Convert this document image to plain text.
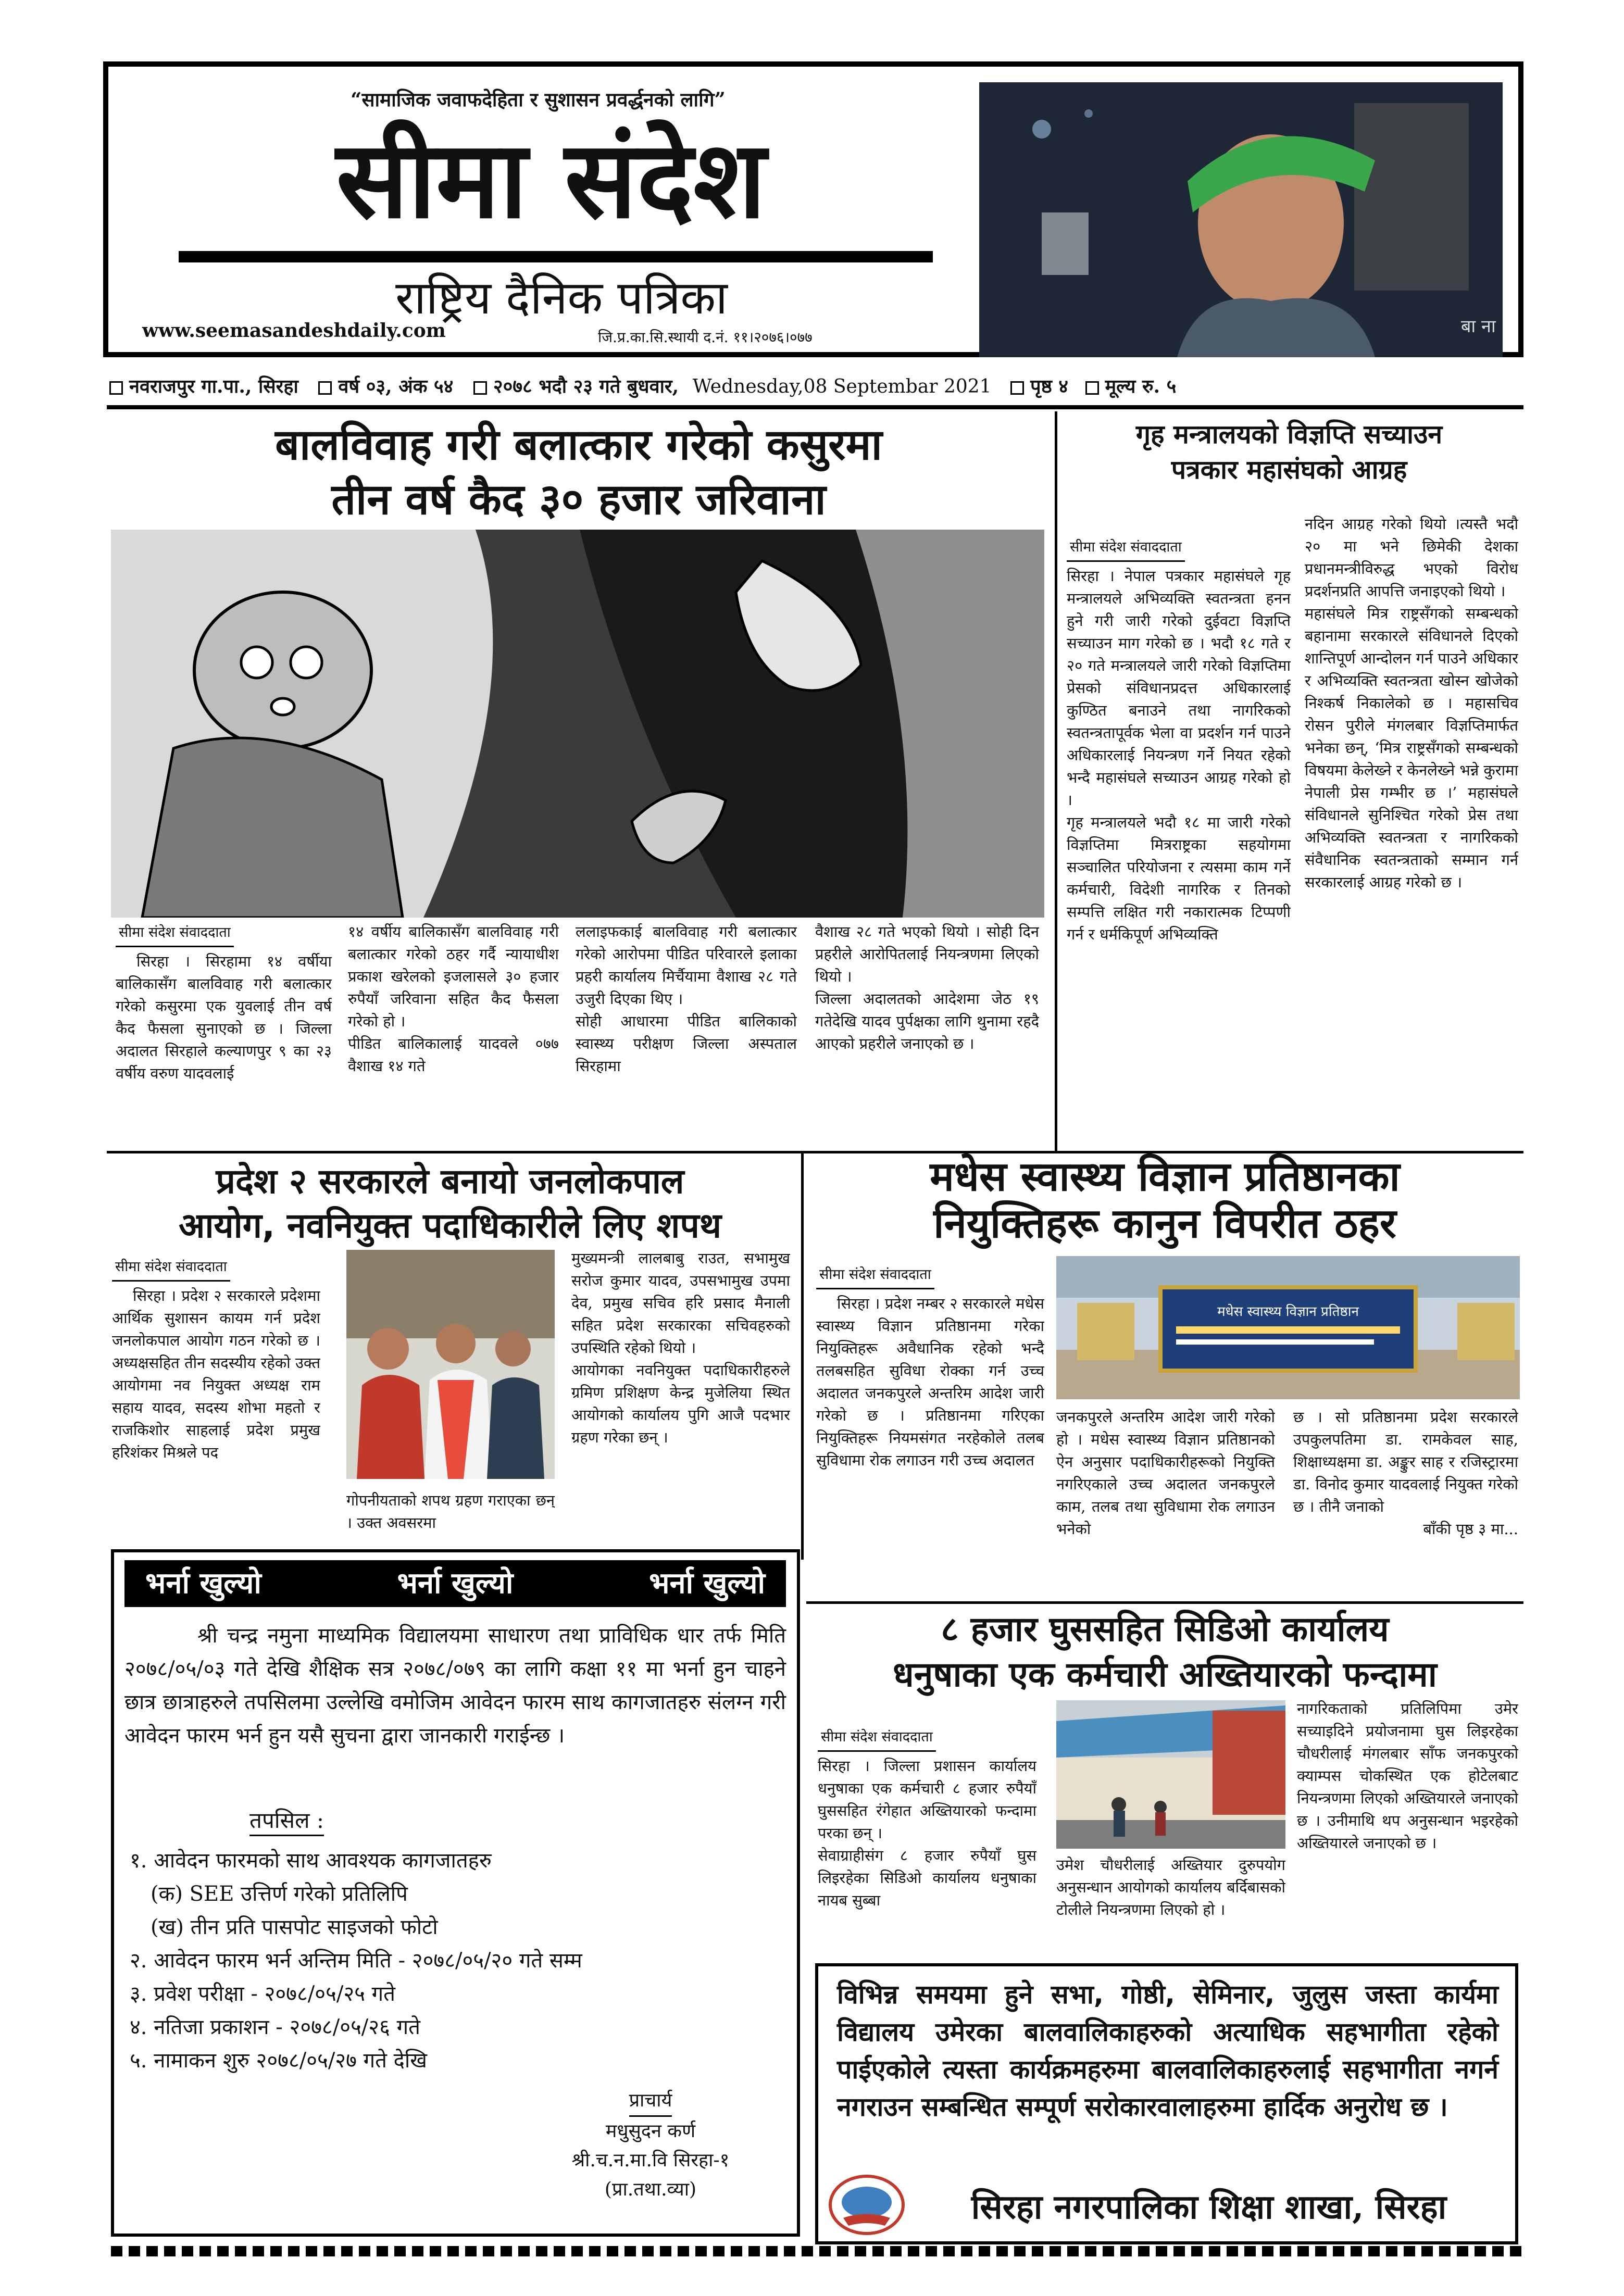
“सामाजिक जवाफदेहिता र सुशासन प्रवर्द्धनको लागि”
सीमा संदेश
राष्ट्रिय दैनिक पत्रिका
www.seemasandeshdaily.com	जि.प्र.का.सि.स्थायी द.नं. ११।२०७६।०७७
बा ना
नवराजपुर गा.पा., सिरहा वर्ष ०३, अंक ५४ २०७८ भदौ २३ गते बुधवार, Wednesday,08 Septembar 2021 पृष्ठ ४ मूल्य रु. ५
बालविवाह गरी बलात्कार गरेको कसुरमा
तीन वर्ष कैद ३० हजार जरिवाना
सीमा संदेश संवाददाता
सिरहा । सिरहामा १४ वर्षीया बालिकासँग बालविवाह गरी बलात्कार गरेको कसुरमा एक युवलाई तीन वर्ष कैद फैसला सुनाएको छ । जिल्ला अदालत सिरहाले कल्याणपुर ९ का २३ वर्षीय वरुण यादवलाई
१४ वर्षीय बालिकासँग बालविवाह गरी बलात्कार गरेको ठहर गर्दै न्यायाधीश प्रकाश खरेलको इजलासले ३० हजार रुपैयाँ जरिवाना सहित कैद फैसला गरेको हो ।
पीडित बालिकालाई यादवले ०७७ वैशाख १४ गते
ललाइफकाई बालविवाह गरी बलात्कार गरेको आरोपमा पीडित परिवारले इलाका प्रहरी कार्यालय मिर्चैयामा वैशाख २८ गते उजुरी दिएका थिए ।
सोही आधारमा पीडित बालिकाको स्वास्थ्य परीक्षण जिल्ला अस्पताल सिरहामा
वैशाख २८ गते भएको थियो । सोही दिन प्रहरीले आरोपितलाई नियन्त्रणमा लिएको थियो ।
जिल्ला अदालतको आदेशमा जेठ १९ गतेदेखि यादव पुर्पक्षका लागि थुनामा रहदै आएको प्रहरीले जनाएको छ ।
गृह मन्त्रालयको विज्ञप्ति सच्याउन
पत्रकार महासंघको आग्रह

सीमा संदेश संवाददाता

सिरहा । नेपाल पत्रकार महासंघले गृह मन्त्रालयले अभिव्यक्ति स्वतन्त्रता हनन हुने गरी जारी गरेको दुईवटा विज्ञप्ति सच्याउन माग गरेको छ । भदौ १८ गते र २० गते मन्त्रालयले जारी गरेको विज्ञप्तिमा प्रेसको संविधानप्रदत्त अधिकारलाई कुण्ठित बनाउने तथा नागरिकको स्वतन्त्रतापूर्वक भेला वा प्रदर्शन गर्न पाउने अधिकारलाई नियन्त्रण गर्ने नियत रहेको भन्दै महासंघले सच्याउन आग्रह गरेको हो ।
गृह मन्त्रालयले भदौ १८ मा जारी गरेको विज्ञप्तिमा मित्रराष्ट्रका सहयोगमा सञ्चालित परियोजना र त्यसमा काम गर्ने कर्मचारी, विदेशी नागरिक र तिनको सम्पत्ति लक्षित गरी नकारात्मक टिप्पणी गर्न र धर्मकिपूर्ण अभिव्यक्ति

नदिन आग्रह गरेको थियो ।त्यस्तै भदौ २० मा भने छिमेकी देशका प्रधानमन्त्रीविरुद्ध भएको विरोध प्रदर्शनप्रति आपत्ति जनाइएको थियो ।
महासंघले मित्र राष्ट्रसँगको सम्बन्धको बहानामा सरकारले संविधानले दिएको शान्तिपूर्ण आन्दोलन गर्न पाउने अधिकार र अभिव्यक्ति स्वतन्त्रता खोस्न खोजेको निश्कर्ष निकालेको छ । महासचिव रोसन पुरीले मंगलबार विज्ञप्तिमार्फत भनेका छन्, ‘मित्र राष्ट्रसँगको सम्बन्धको विषयमा केलेख्ने र केनलेख्ने भन्ने कुरामा नेपाली प्रेस गम्भीर छ ।’ महासंघले संविधानले सुनिश्चित गरेको प्रेस तथा अभिव्यक्ति स्वतन्त्रता र नागरिकको संवैधानिक स्वतन्त्रताको सम्मान गर्न सरकारलाई आग्रह गरेको छ ।
प्रदेश २ सरकारले बनायो जनलोकपाल
आयोग, नवनियुक्त पदाधिकारीले लिए शपथ
सीमा संदेश संवाददाता
सिरहा । प्रदेश २ सरकारले प्रदेशमा आर्थिक सुशासन कायम गर्न प्रदेश जनलोकपाल आयोग गठन गरेको छ । अध्यक्षसहित तीन सदस्यीय रहेको उक्त आयोगमा नव नियुक्त अध्यक्ष राम सहाय यादव, सदस्य शोभा महतो र राजकिशोर साहलाई प्रदेश प्रमुख हरिशंकर मिश्रले पद
गोपनीयताको शपथ ग्रहण गराएका छन् । उक्त अवसरमा
मुख्यमन्त्री लालबाबु राउत, सभामुख सरोज कुमार यादव, उपसभामुख उपमा देव, प्रमुख सचिव हरि प्रसाद मैनाली सहित प्रदेश सरकारका सचिवहरुको उपस्थिति रहेको थियो ।
आयोगका नवनियुक्त पदाधिकारीहरुले ग्रमिण प्रशिक्षण केन्द्र मुजेलिया स्थित आयोगको कार्यालय पुगि आजै पदभार ग्रहण गरेका छन् ।
मधेस स्वास्थ्य विज्ञान प्रतिष्ठानका
नियुक्तिहरू कानुन विपरीत ठहर
सीमा संदेश संवाददाता
सिरहा । प्रदेश नम्बर २ सरकारले मधेस स्वास्थ्य विज्ञान प्रतिष्ठानमा गरेका नियुक्तिहरू अवैधानिक रहेको भन्दै तलबसहित सुविधा रोक्का गर्न उच्च अदालत जनकपुरले अन्तरिम आदेश जारी गरेको छ । प्रतिष्ठानमा गरिएका नियुक्तिहरू नियमसंगत नरहेकोले तलब सुविधामा रोक लगाउन गरी उच्च अदालत
मधेस स्वास्थ्य विज्ञान प्रतिष्ठान
जनकपुरले अन्तरिम आदेश जारी गरेको हो । मधेस स्वास्थ्य विज्ञान प्रतिष्ठानको ऐन अनुसार पदाधिकारीहरूको नियुक्ति नगरिएकाले उच्च अदालत जनकपुरले काम, तलब तथा सुविधामा रोक लगाउन भनेको
छ । सो प्रतिष्ठानमा प्रदेश सरकारले उपकुलपतिमा डा. रामकेवल साह, शिक्षाध्यक्षमा डा. अङ्कुर साह र रजिस्ट्रारमा डा. विनोद कुमार यादवलाई नियुक्त गरेको छ । तीनै जनाको
बाँकी पृष्ठ ३ मा...
भर्ना खुल्यो	भर्ना खुल्यो	भर्ना खुल्यो
श्री चन्द्र नमुना माध्यमिक विद्यालयमा साधारण तथा प्राविधिक धार तर्फ मिति २०७८/०५/०३ गते देखि शैक्षिक सत्र २०७८/०७९ का लागि कक्षा ११ मा भर्ना हुन चाहने छात्र छात्राहरुले तपसिलमा उल्लेखि वमोजिम आवेदन फारम साथ कागजातहरु संलग्न गरी आवेदन फारम भर्न हुन यसै सुचना द्वारा जानकारी गराईन्छ ।
तपसिल :
१. आवेदन फारमको साथ आवश्यक कागजातहरु
(क) SEE उत्तिर्ण गरेको प्रतिलिपि
(ख) तीन प्रति पासपोट साइजको फोटो
२. आवेदन फारम भर्न अन्तिम मिति - २०७८/०५/२० गते सम्म
३. प्रवेश परीक्षा - २०७८/०५/२५ गते
४. नतिजा प्रकाशन - २०७८/०५/२६ गते
५. नामाकन शुरु २०७८/०५/२७ गते देखि
प्राचार्य
मधुसुदन कर्ण
श्री.च.न.मा.वि सिरहा-१
(प्रा.तथा.व्या)
८ हजार घुससहित सिडिओ कार्यालय
धनुषाका एक कर्मचारी अख्तियारको फन्दामा

सीमा संदेश संवाददाता

सिरहा । जिल्ला प्रशासन कार्यालय धनुषाका एक कर्मचारी ८ हजार रुपैयाँ घुससहित रंगेहात अख्तियारको फन्दामा परका छन् ।
सेवाग्राहीसंग ८ हजार रुपैयाँ घुस लिइरहेका सिडिओ कार्यालय धनुषाका नायब सुब्बा

उमेश चौधरीलाई अख्तियार दुरुपयोग अनुसन्धान आयोगको कार्यालय बर्दिबासको टोलीले नियन्त्रणमा लिएको हो ।
नागरिकताको प्रतिलिपिमा उमेर सच्याइदिने प्रयोजनामा घुस लिइरहेका चौधरीलाई मंगलबार साँफ जनकपुरको क्याम्पस चोकस्थित एक होटेलबाट नियन्त्रणमा लिएको अख्तियारले जनाएको छ । उनीमाथि थप अनुसन्धान भइरहेको अख्तियारले जनाएको छ ।
विभिन्न समयमा हुने सभा, गोष्ठी, सेमिनार, जुलुस जस्ता कार्यमा विद्यालय उमेरका बालवालिकाहरुको अत्याधिक सहभागीता रहेको पाईएकोले त्यस्ता कार्यक्रमहरुमा बालवालिकाहरुलाई सहभागीता नगर्न नगराउन सम्बन्धित सम्पूर्ण सरोकारवालाहरुमा हार्दिक अनुरोध छ ।
सिरहा नगरपालिका शिक्षा शाखा, सिरहा
